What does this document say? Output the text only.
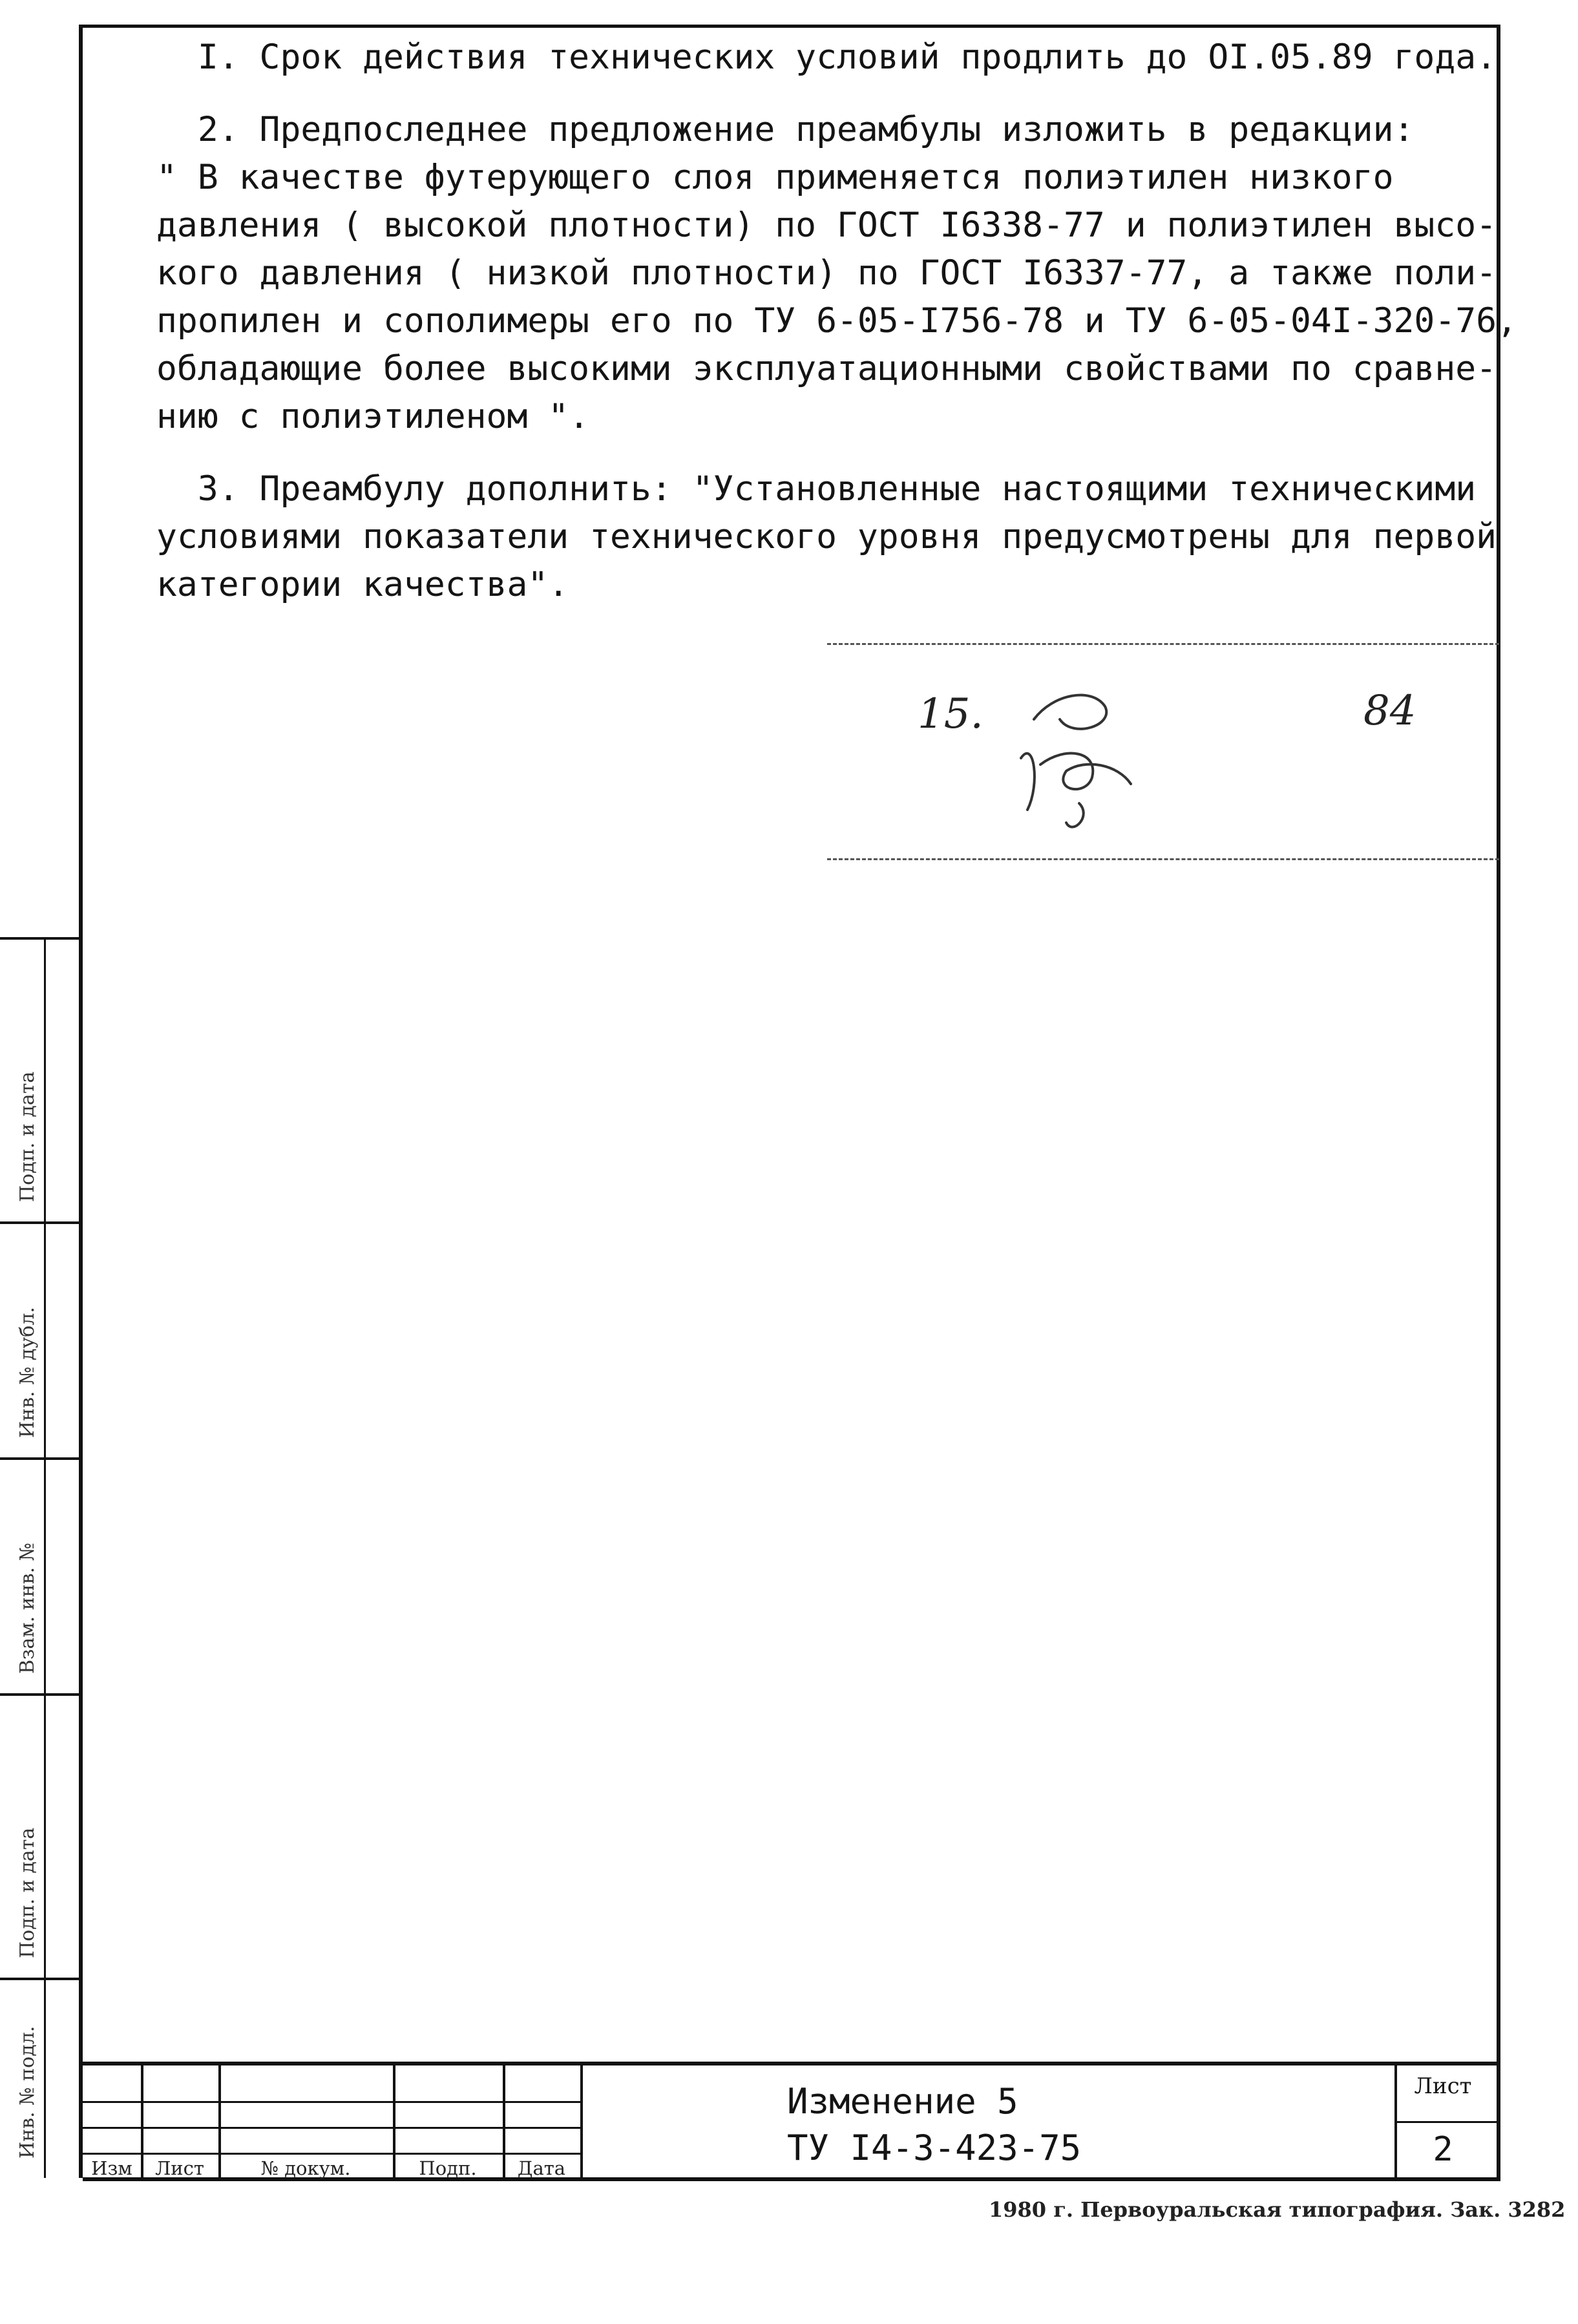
I. Срок действия технических условий продлить до OI.05.89 года.

2. Предпоследнее предложение преамбулы изложить в редакции:
" В качестве футерующего слоя применяется полиэтилен низкого
давления ( высокой плотности) по ГОСТ I6338-77 и полиэтилен высо-
кого давления ( низкой плотности) по ГОСТ I6337-77, а также поли-
пропилен и сополимеры его по ТУ 6-05-I756-78 и ТУ 6-05-04I-320-76,
обладающие более высокими эксплуатационными свойствами по сравне-
нию с полиэтиленом ".

3. Преамбулу дополнить: "Установленные настоящими техническими
условиями показатели технического уровня предусмотрены для первой
категории качества".

15.	84
Подп. и дата
Инв. № дубл.
Взам. инв. №
Подп. и дата
Инв. № подл.
Изм	Лист	№ докум.	Подп.	Дата
Изменение 5
ТУ I4-3-423-75
Лист
2
1980 г. Первоуральская типография. Зак. 3282
